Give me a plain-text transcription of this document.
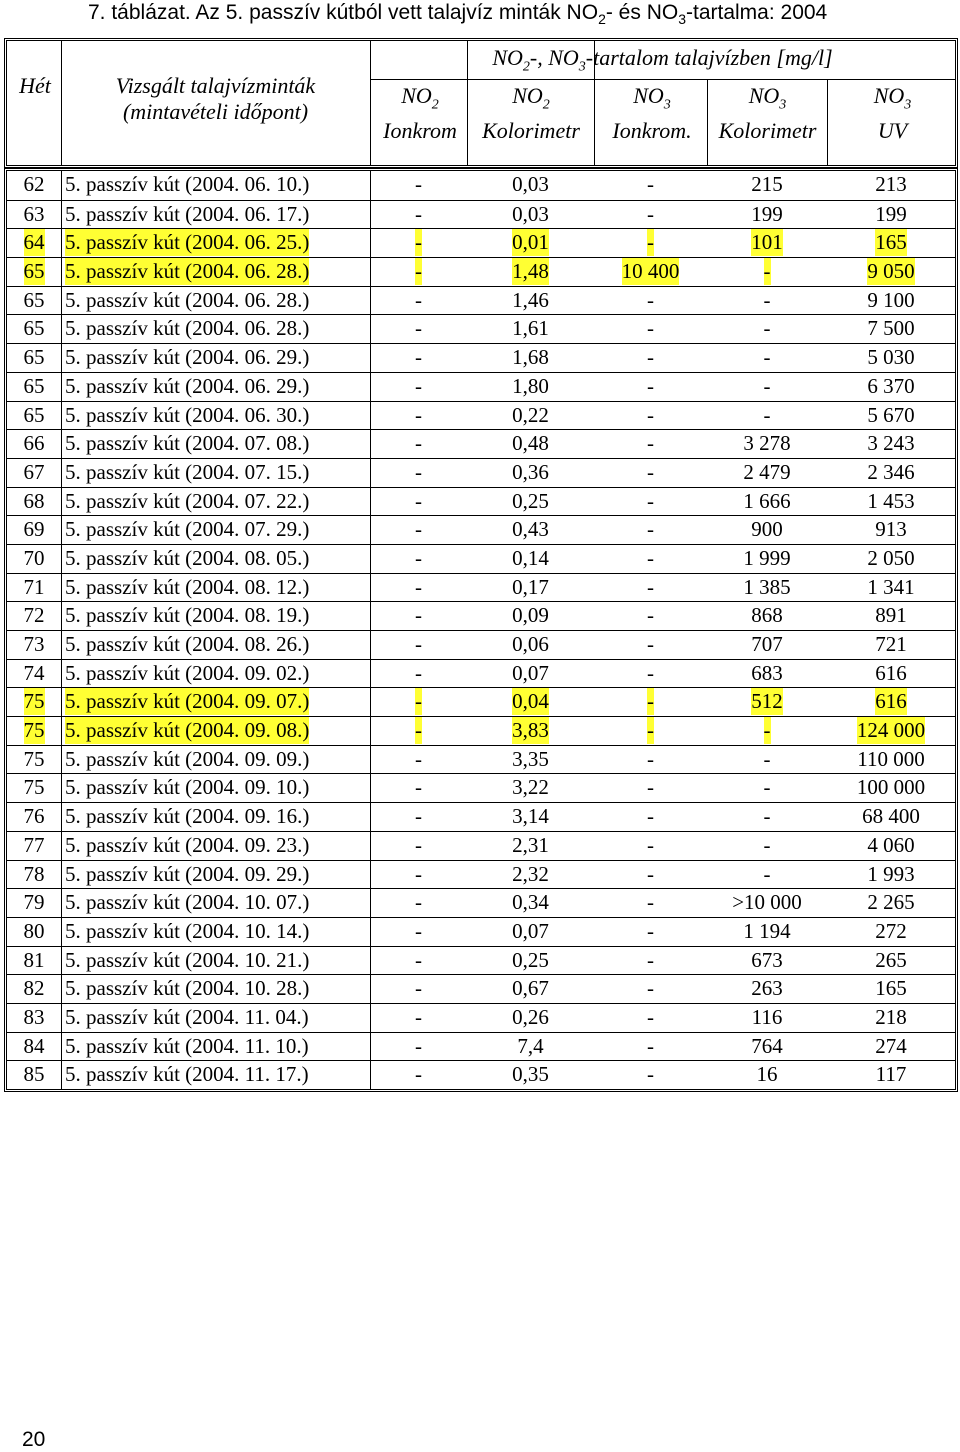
7. táblázat. Az 5. passzív kútból vett talajvíz minták $NO_2-$ és $NO_3$-tartalma: 2004
Hét	Vizsgált talajvízminták
(mintavételi időpont)
$NO_2-$, $NO_3$-tartalom talajvízben [mg/l]
$NO_2$
Ionkrom
$NO_2$
Kolorimetr
$NO_3$
Ionkrom.
$NO_3$
Kolorimetr
$NO_3$
UV
62 5. passzív kút (2004. 06. 10.)	-	0,03	-	215	213
63 5. passzív kút (2004. 06. 17.)	-	0,03	-	199	199
64 5. passzív kút (2004. 06. 25.)	-	0,01	-	101	165
65 5. passzív kút (2004. 06. 28.)	-	1,48	10 400	-	9 050
65 5. passzív kút (2004. 06. 28.)	-	1,46	-	-	9 100
65 5. passzív kút (2004. 06. 28.)	-	1,61	-	-	7 500
65 5. passzív kút (2004. 06. 29.)	-	1,68	-	-	5 030
65 5. passzív kút (2004. 06. 29.)	-	1,80	-	-	6 370
65 5. passzív kút (2004. 06. 30.)	-	0,22	-	-	5 670
66 5. passzív kút (2004. 07. 08.)	-	0,48	-	3 278	3 243
67 5. passzív kút (2004. 07. 15.)	-	0,36	-	2 479	2 346
68 5. passzív kút (2004. 07. 22.)	-	0,25	-	1 666	1 453
69 5. passzív kút (2004. 07. 29.)	-	0,43	-	900	913
70 5. passzív kút (2004. 08. 05.)	-	0,14	-	1 999	2 050
71 5. passzív kút (2004. 08. 12.)	-	0,17	-	1 385	1 341
72 5. passzív kút (2004. 08. 19.)	-	0,09	-	868	891
73 5. passzív kút (2004. 08. 26.)	-	0,06	-	707	721
74 5. passzív kút (2004. 09. 02.)	-	0,07	-	683	616
75 5. passzív kút (2004. 09. 07.)	-	0,04	-	512	616
75 5. passzív kút (2004. 09. 08.)	-	3,83	-	-	124 000
75 5. passzív kút (2004. 09. 09.)	-	3,35	-	-	110 000
75 5. passzív kút (2004. 09. 10.)	-	3,22	-	-	100 000
76 5. passzív kút (2004. 09. 16.)	-	3,14	-	-	68 400
77 5. passzív kút (2004. 09. 23.)	-	2,31	-	-	4 060
78 5. passzív kút (2004. 09. 29.)	-	2,32	-	-	1 993
79 5. passzív kút (2004. 10. 07.)	-	0,34	-	>10 000	2 265
80 5. passzív kút (2004. 10. 14.)	-	0,07	-	1 194	272
81 5. passzív kút (2004. 10. 21.)	-	0,25	-	673	265
82 5. passzív kút (2004. 10. 28.)	-	0,67	-	263	165
83 5. passzív kút (2004. 11. 04.)	-	0,26	-	116	218
84 5. passzív kút (2004. 11. 10.)	-	7,4	-	764	274
85 5. passzív kút (2004. 11. 17.)	-	0,35	-	16	117
20
